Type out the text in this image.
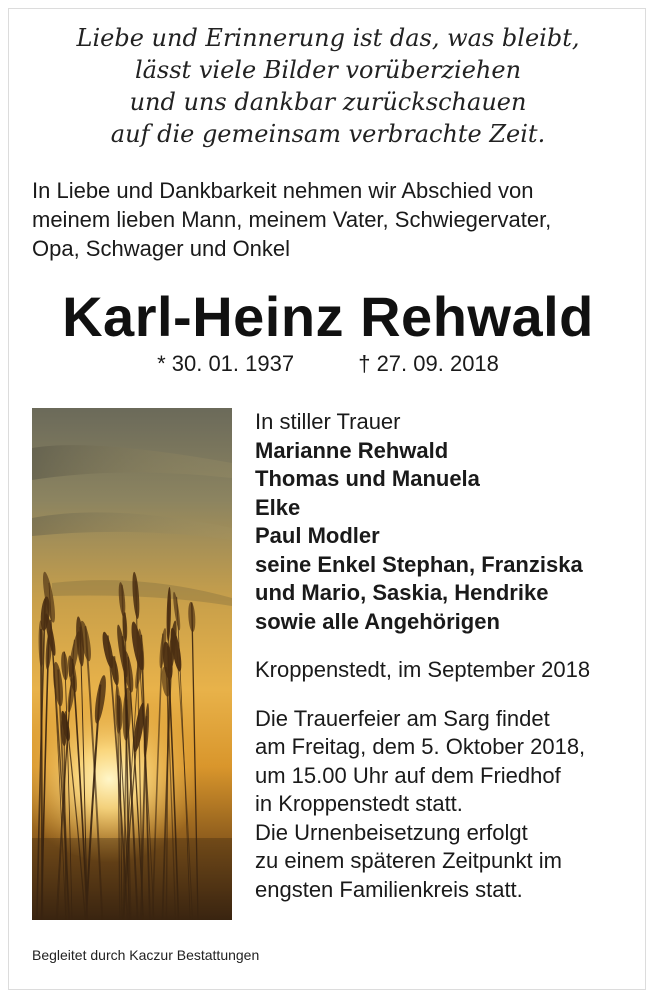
Liebe und Erinnerung ist das, was bleibt,
lässt viele Bilder vorüberziehen
und uns dankbar zurückschauen
auf die gemeinsam verbrachte Zeit.
In Liebe und Dankbarkeit nehmen wir Abschied von
meinem lieben Mann, meinem Vater, Schwiegervater,
Opa, Schwager und Onkel
Karl-Heinz Rehwald
* 30. 01. 1937	† 27. 09. 2018
In stiller Trauer
Marianne Rehwald
Thomas und Manuela
Elke
Paul Modler
seine Enkel Stephan, Franziska
und Mario, Saskia, Hendrike
sowie alle Angehörigen
Kroppenstedt, im September 2018
Die Trauerfeier am Sarg findet
am Freitag, dem 5. Oktober 2018,
um 15.00 Uhr auf dem Friedhof
in Kroppenstedt statt.
Die Urnenbeisetzung erfolgt
zu einem späteren Zeitpunkt im
engsten Familienkreis statt.
Begleitet durch Kaczur Bestattungen
